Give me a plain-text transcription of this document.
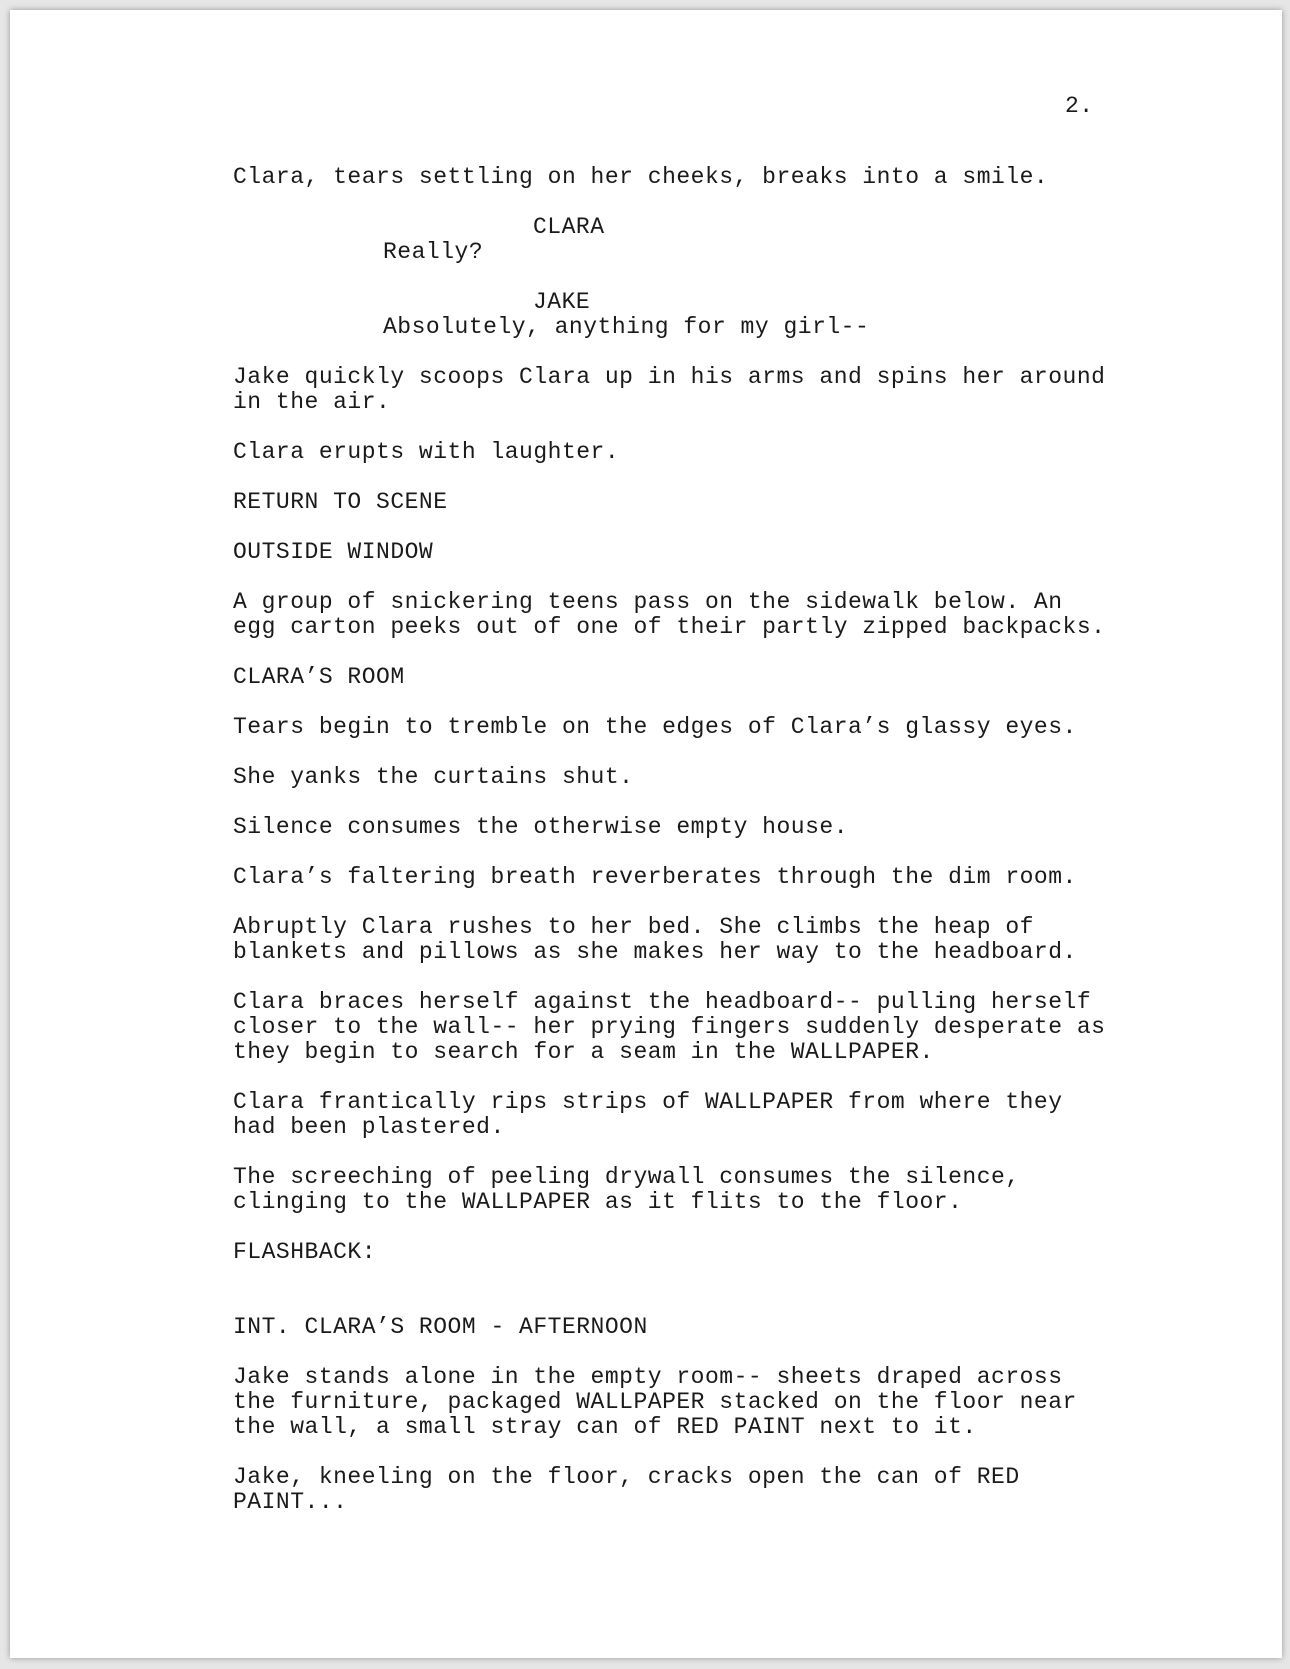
2.
Clara, tears settling on her cheeks, breaks into a smile.
CLARA
Really?
JAKE
Absolutely, anything for my girl--
Jake quickly scoops Clara up in his arms and spins her around
in the air.
Clara erupts with laughter.
RETURN TO SCENE
OUTSIDE WINDOW
A group of snickering teens pass on the sidewalk below. An
egg carton peeks out of one of their partly zipped backpacks.
CLARA’S ROOM
Tears begin to tremble on the edges of Clara’s glassy eyes.
She yanks the curtains shut.
Silence consumes the otherwise empty house.
Clara’s faltering breath reverberates through the dim room.
Abruptly Clara rushes to her bed. She climbs the heap of
blankets and pillows as she makes her way to the headboard.
Clara braces herself against the headboard-- pulling herself
closer to the wall-- her prying fingers suddenly desperate as
they begin to search for a seam in the WALLPAPER.
Clara frantically rips strips of WALLPAPER from where they
had been plastered.
The screeching of peeling drywall consumes the silence,
clinging to the WALLPAPER as it flits to the floor.
FLASHBACK:
INT. CLARA’S ROOM - AFTERNOON
Jake stands alone in the empty room-- sheets draped across
the furniture, packaged WALLPAPER stacked on the floor near
the wall, a small stray can of RED PAINT next to it.
Jake, kneeling on the floor, cracks open the can of RED
PAINT...
